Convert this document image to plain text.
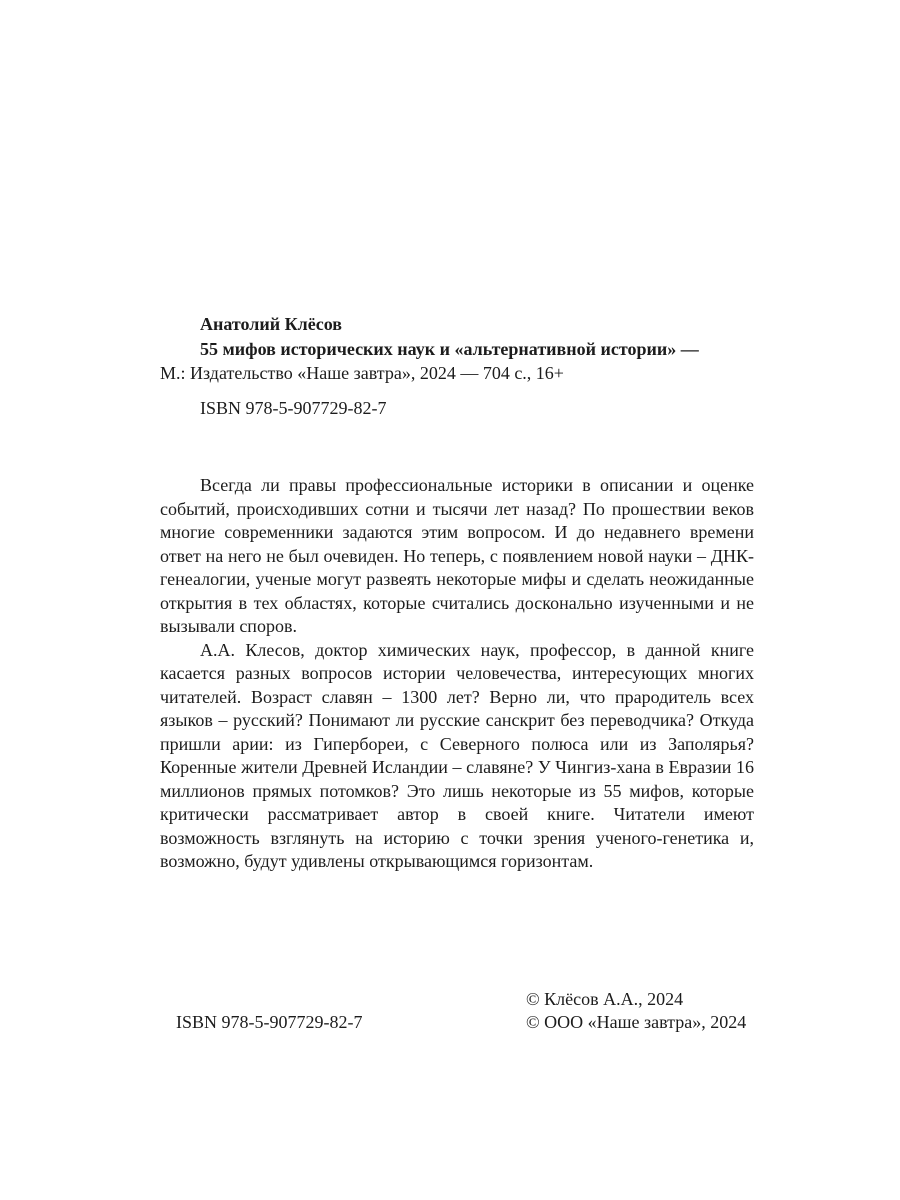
Анатолий Клёсов
55 мифов исторических наук и «альтернативной истории» —
М.: Издательство «Наше завтра», 2024 — 704 с., 16+
ISBN 978-5-907729-82-7

Всегда ли правы профессиональные историки в описании и оценке событий, происходивших сотни и тысячи лет назад? По прошествии веков многие современники задаются этим вопросом. И до недавнего времени ответ на него не был очевиден. Но теперь, с появлением новой науки – ДНК-генеалогии, ученые могут развеять некоторые мифы и сделать неожиданные открытия в тех областях, которые считались досконально изученными и не вызывали споров.

А.А. Клесов, доктор химических наук, профессор, в данной книге касается разных вопросов истории человечества, интересующих многих читателей. Возраст славян – 1300 лет? Верно ли, что прародитель всех языков – русский? Понимают ли русские санскрит без переводчика? Откуда пришли арии: из Гипербореи, с Северного полюса или из Заполярья? Коренные жители Древней Исландии – славяне? У Чингиз-хана в Евразии 16 миллионов прямых потомков? Это лишь некоторые из 55 мифов, которые критически рассматривает автор в своей книге. Читатели имеют возможность взглянуть на историю с точки зрения ученого-генетика и, возможно, будут удивлены открывающимся горизонтам.

ISBN 978-5-907729-82-7
© Клёсов А.А., 2024
© ООО «Наше завтра», 2024
